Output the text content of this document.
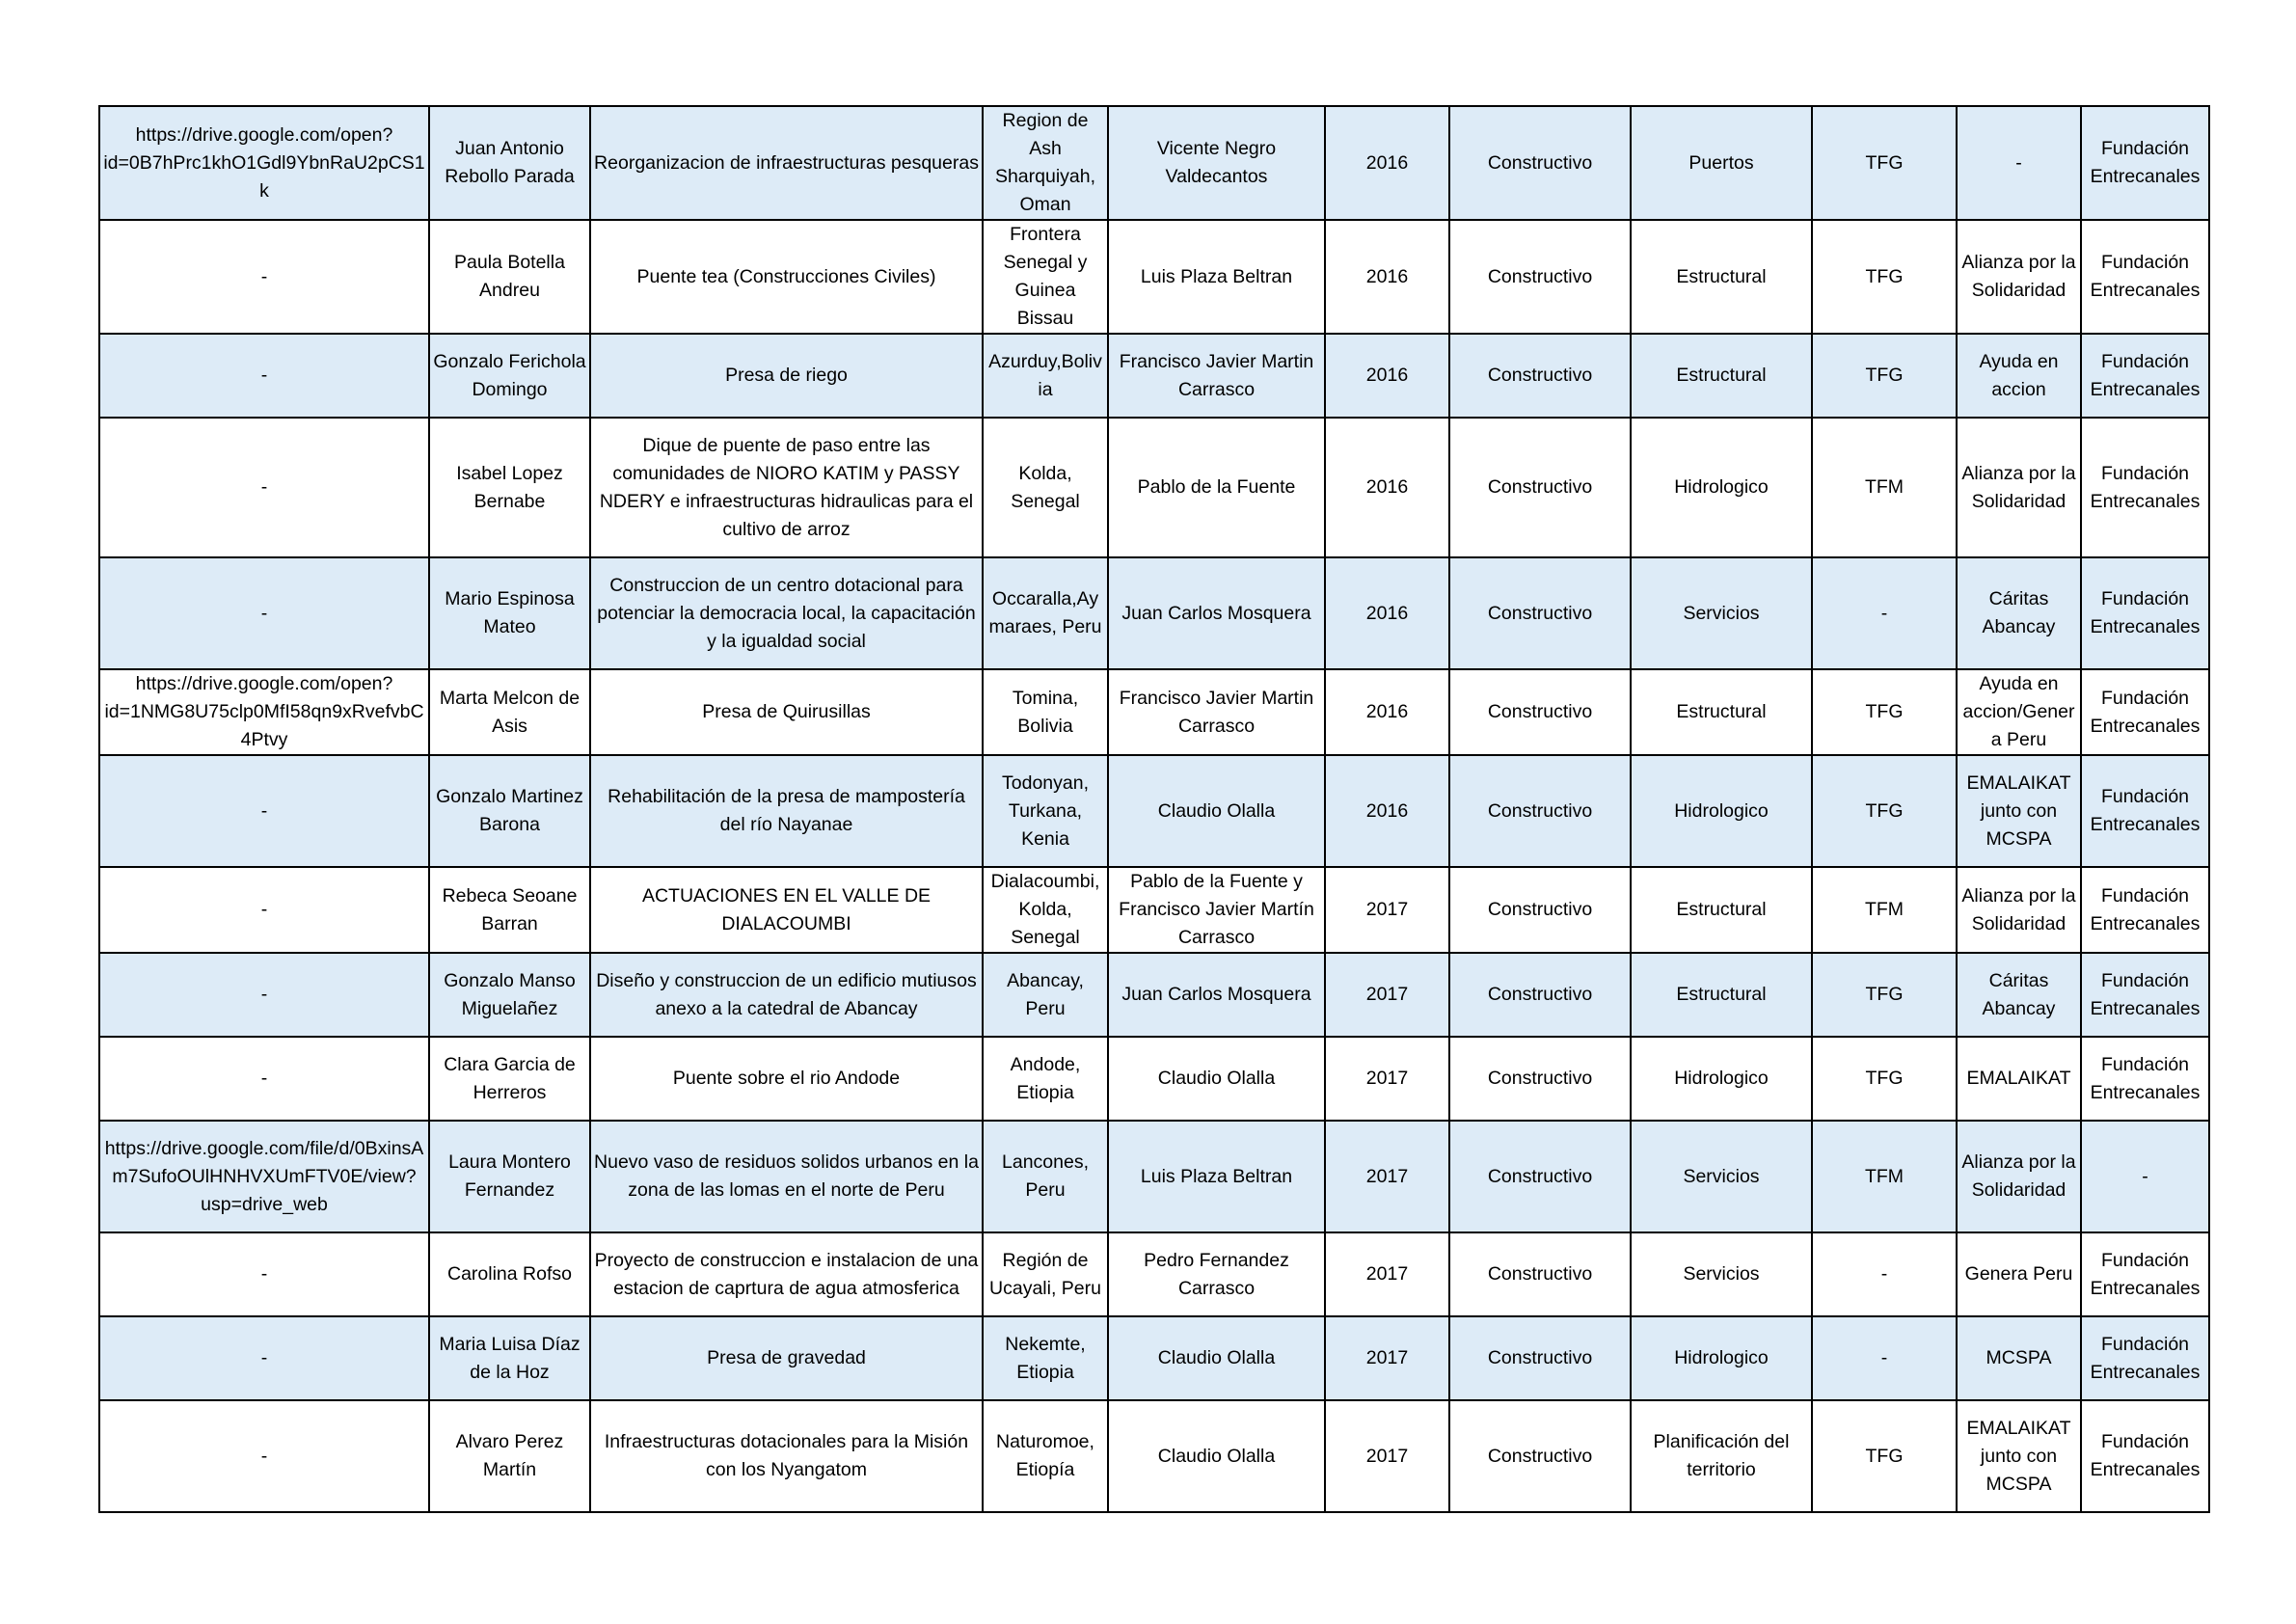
https://drive.google.com/open?id=0B7hPrc1khO1Gdl9YbnRaU2pCS1k	Juan Antonio Rebollo Parada	Reorganizacion de infraestructuras pesqueras	Region de Ash Sharquiyah, Oman	Vicente Negro Valdecantos	2016	Constructivo	Puertos	TFG	-	Fundación Entrecanales
-	Paula Botella Andreu	Puente tea (Construcciones Civiles)	Frontera Senegal y Guinea Bissau	Luis Plaza Beltran	2016	Constructivo	Estructural	TFG	Alianza por la Solidaridad	Fundación Entrecanales
-	Gonzalo Ferichola Domingo	Presa de riego	Azurduy,Bolivia	Francisco Javier Martin Carrasco	2016	Constructivo	Estructural	TFG	Ayuda en accion	Fundación Entrecanales
-	Isabel Lopez Bernabe	Dique de puente de paso entre las comunidades de NIORO KATIM y PASSY NDERY e infraestructuras hidraulicas para el cultivo de arroz	Kolda, Senegal	Pablo de la Fuente	2016	Constructivo	Hidrologico	TFM	Alianza por la Solidaridad	Fundación Entrecanales
-	Mario Espinosa Mateo	Construccion de un centro dotacional para potenciar la democracia local, la capacitación y la igualdad social	Occaralla,Aymaraes, Peru	Juan Carlos Mosquera	2016	Constructivo	Servicios	-	Cáritas Abancay	Fundación Entrecanales
https://drive.google.com/open?id=1NMG8U75clp0MfI58qn9xRvefvbC4Ptvy	Marta Melcon de Asis	Presa de Quirusillas	Tomina, Bolivia	Francisco Javier Martin Carrasco	2016	Constructivo	Estructural	TFG	Ayuda en accion/Genera Peru	Fundación Entrecanales
-	Gonzalo Martinez Barona	Rehabilitación de la presa de mampostería del río Nayanae	Todonyan, Turkana, Kenia	Claudio Olalla	2016	Constructivo	Hidrologico	TFG	EMALAIKAT junto con MCSPA	Fundación Entrecanales
-	Rebeca Seoane Barran	ACTUACIONES EN EL VALLE DE DIALACOUMBI	Dialacoumbi, Kolda, Senegal	Pablo de la Fuente y Francisco Javier Martín Carrasco	2017	Constructivo	Estructural	TFM	Alianza por la Solidaridad	Fundación Entrecanales
-	Gonzalo Manso Miguelañez	Diseño y construccion de un edificio mutiusos anexo a la catedral de Abancay	Abancay, Peru	Juan Carlos Mosquera	2017	Constructivo	Estructural	TFG	Cáritas Abancay	Fundación Entrecanales
-	Clara Garcia de Herreros	Puente sobre el rio Andode	Andode, Etiopia	Claudio Olalla	2017	Constructivo	Hidrologico	TFG	EMALAIKAT	Fundación Entrecanales
https://drive.google.com/file/d/0BxinsAm7SufoOUlHNHVXUmFTV0E/view?usp=drive_web	Laura Montero Fernandez	Nuevo vaso de residuos solidos urbanos en la zona de las lomas en el norte de Peru	Lancones, Peru	Luis Plaza Beltran	2017	Constructivo	Servicios	TFM	Alianza por la Solidaridad	-
-	Carolina Rofso	Proyecto de construccion e instalacion de una estacion de caprtura de agua atmosferica	Región de Ucayali, Peru	Pedro Fernandez Carrasco	2017	Constructivo	Servicios	-	Genera Peru	Fundación Entrecanales
-	Maria Luisa Díaz de la Hoz	Presa de gravedad	Nekemte, Etiopia	Claudio Olalla	2017	Constructivo	Hidrologico	-	MCSPA	Fundación Entrecanales
-	Alvaro Perez Martín	Infraestructuras dotacionales para la Misión con los Nyangatom	Naturomoe, Etiopía	Claudio Olalla	2017	Constructivo	Planificación del territorio	TFG	EMALAIKAT junto con MCSPA	Fundación Entrecanales
